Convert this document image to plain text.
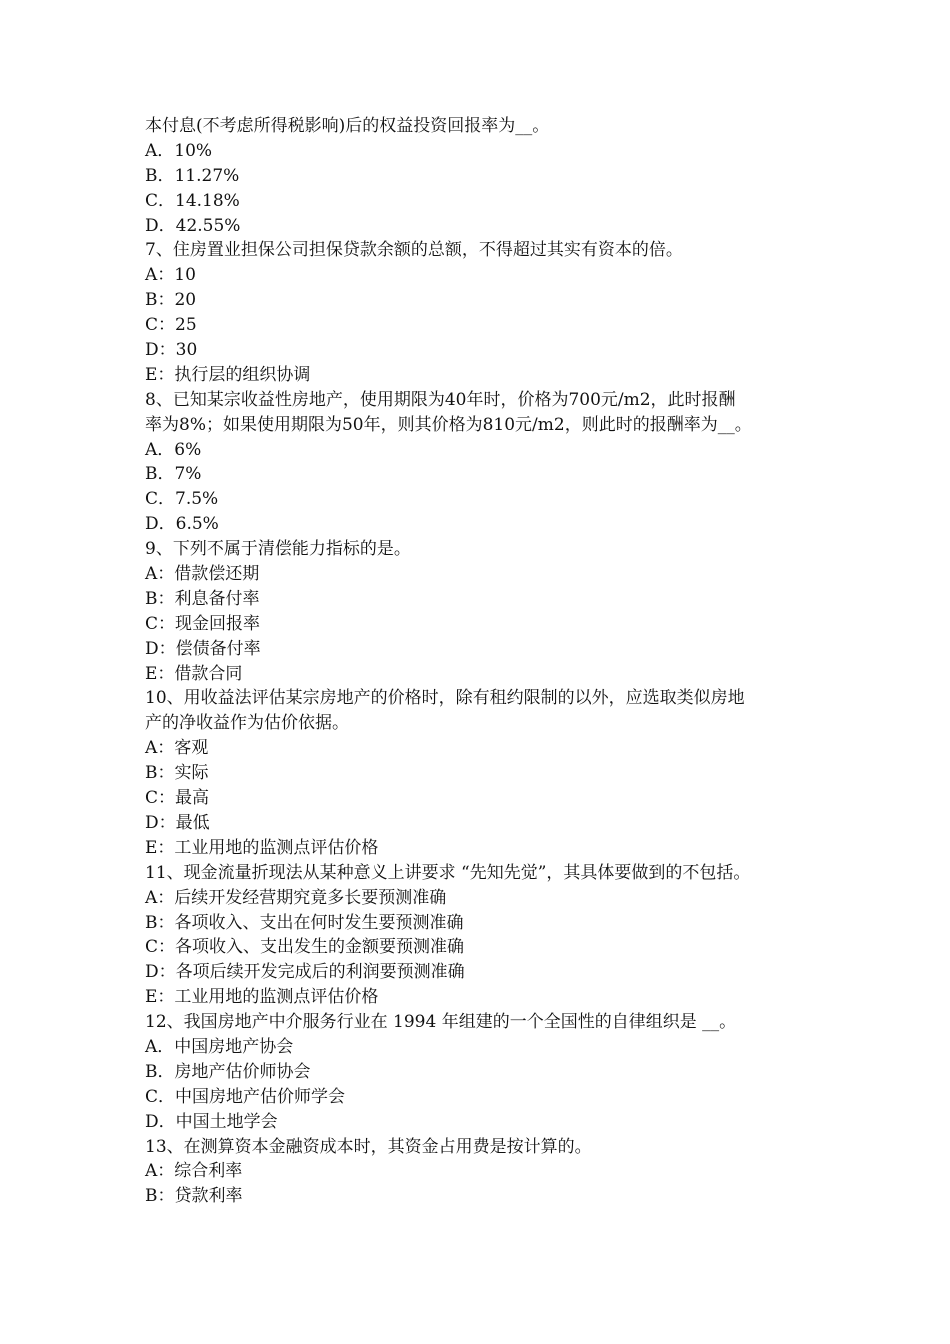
本付息(不考虑所得税影响)后的权益投资回报率为__。
A．10%
B．11.27%
C．14.18%
D．42.55%
7、住房置业担保公司担保贷款余额的总额，不得超过其实有资本的倍。
A：10
B：20
C：25
D：30
E：执行层的组织协调
8、已知某宗收益性房地产，使用期限为40年时，价格为700元/m2，此时报酬
率为8%；如果使用期限为50年，则其价格为810元/m2，则此时的报酬率为__。
A．6%
B．7%
C．7.5%
D．6.5%
9、下列不属于清偿能力指标的是。
A：借款偿还期
B：利息备付率
C：现金回报率
D：偿债备付率
E：借款合同
10、用收益法评估某宗房地产的价格时，除有租约限制的以外，应选取类似房地
产的净收益作为估价依据。
A：客观
B：实际
C：最高
D：最低
E：工业用地的监测点评估价格
11、现金流量折现法从某种意义上讲要求 “先知先觉”，其具体要做到的不包括。
A：后续开发经营期究竟多长要预测准确
B：各项收入、支出在何时发生要预测准确
C：各项收入、支出发生的金额要预测准确
D：各项后续开发完成后的利润要预测准确
E：工业用地的监测点评估价格
12、我国房地产中介服务行业在 1994 年组建的一个全国性的自律组织是 __。
A．中国房地产协会
B．房地产估价师协会
C．中国房地产估价师学会
D．中国土地学会
13、在测算资本金融资成本时，其资金占用费是按计算的。
A：综合利率
B：贷款利率
